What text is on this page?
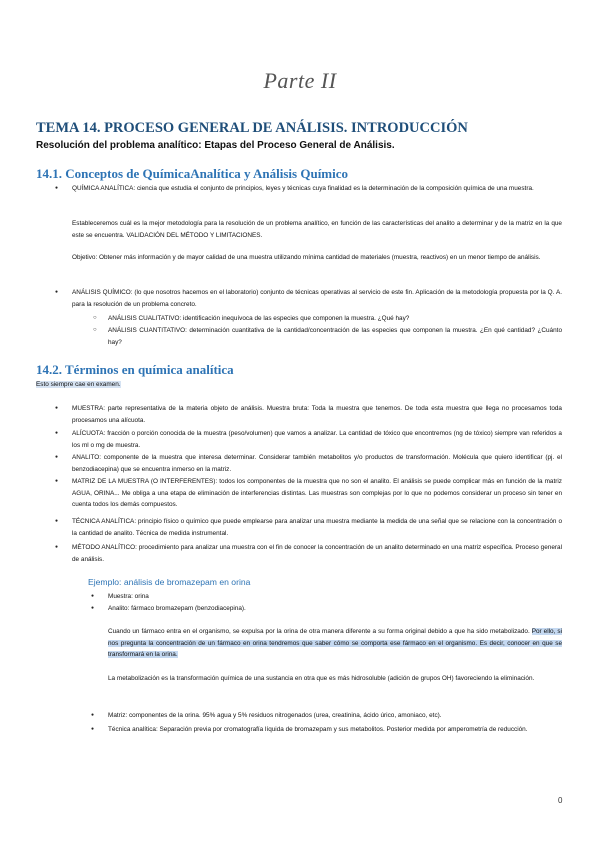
Parte II
TEMA 14. PROCESO GENERAL DE ANÁLISIS. INTRODUCCIÓN
Resolución del problema analítico: Etapas del Proceso General de Análisis.
14.1. Conceptos de QuímicaAnalítica y Análisis Químico
● QUÍMICA ANALÍTICA: ciencia que estudia el conjunto de principios, leyes y técnicas cuya finalidad es la determinación de la composición química de una muestra.
Estableceremos cuál es la mejor metodología para la resolución de un problema analítico, en función de las características del analito a determinar y de la matriz en la que este se encuentra. VALIDACIÓN DEL MÉTODO Y LIMITACIONES.
Objetivo: Obtener más información y de mayor calidad de una muestra utilizando mínima cantidad de materiales (muestra, reactivos) en un menor tiempo de análisis.
● ANÁLISIS QUÍMICO: (lo que nosotros hacemos en el laboratorio) conjunto de técnicas operativas al servicio de este fin. Aplicación de la metodología propuesta por la Q. A. para la resolución de un problema concreto.
○ ANÁLISIS CUALITATIVO: identificación inequívoca de las especies que componen la muestra. ¿Qué hay?
○ ANÁLISIS CUANTITATIVO: determinación cuantitativa de la cantidad/concentración de las especies que componen la muestra. ¿En qué cantidad? ¿Cuánto hay?
14.2. Términos en química analítica
Esto siempre cae en examen.
● MUESTRA: parte representativa de la materia objeto de análisis. Muestra bruta: Toda la muestra que tenemos. De toda esta muestra que llega no procesamos toda procesamos una alícuota.
● ALÍCUOTA: fracción o porción conocida de la muestra (peso/volumen) que vamos a analizar. La cantidad de tóxico que encontremos (ng de tóxico) siempre van referidos a los ml o mg de muestra.
● ANALITO: componente de la muestra que interesa determinar. Considerar también metabolitos y/o productos de transformación. Molécula que quiero identificar (pj. el benzodiacepina) que se encuentra inmerso en la matriz.
● MATRIZ DE LA MUESTRA (O INTERFERENTES): todos los componentes de la muestra que no son el analito. El análisis se puede complicar más en función de la matriz AGUA, ORINA... Me obliga a una etapa de eliminación de interferencias distintas. Las muestras son complejas por lo que no podemos considerar un proceso sin tener en cuenta todos los demás compuestos.
● TÉCNICA ANALÍTICA: principio físico o químico que puede emplearse para analizar una muestra mediante la medida de una señal que se relacione con la concentración o la cantidad de analito. Técnica de medida instrumental.
● MÉTODO ANALÍTICO: procedimiento para analizar una muestra con el fin de conocer la concentración de un analito determinado en una matriz específica. Proceso general de análisis.
Ejemplo: análisis de bromazepam en orina
● Muestra: orina
● Analito: fármaco bromazepam (benzodiacepina).
Cuando un fármaco entra en el organismo, se expulsa por la orina de otra manera diferente a su forma original debido a que ha sido metabolizado. Por ello, si nos pregunta la concentración de un fármaco en orina tendremos que saber cómo se comporta ese fármaco en el organismo. Es decir, conocer en que se transformará en la orina.
La metabolización es la transformación química de una sustancia en otra que es más hidrosoluble (adición de grupos OH) favoreciendo la eliminación.
● Matriz: componentes de la orina. 95% agua y 5% residuos nitrogenados (urea, creatinina, ácido úrico, amoniaco, etc).
● Técnica analítica: Separación previa por cromatografía líquida de bromazepam y sus metabolitos. Posterior medida por amperometría de reducción.
0
